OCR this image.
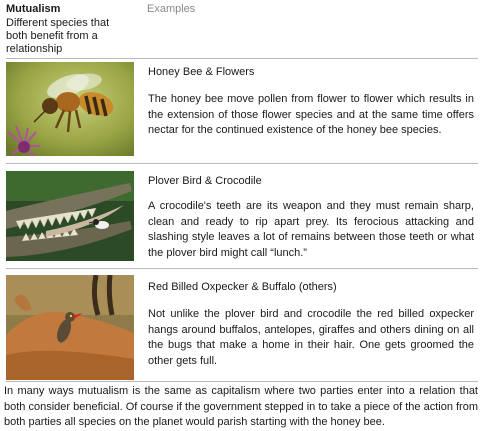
Mutualism
Different species that both benefit from a relationship
Examples
Honey Bee & Flowers
The honey bee move pollen from flower to flower which results in the extension of those flower species and at the same time offers nectar for the continued existence of the honey bee species.
Plover Bird & Crocodile
A crocodile's teeth are its weapon and they must remain sharp, clean and ready to rip apart prey. Its ferocious attacking and slashing style leaves a lot of remains between those teeth or what the plover bird might call “lunch.”
Red Billed Oxpecker & Buffalo (others)
Not unlike the plover bird and crocodile the red billed oxpecker hangs around buffalos, antelopes, giraffes and others dining on all the bugs that make a home in their hair. One gets groomed the other gets full.
In many ways mutualism is the same as capitalism where two parties enter into a relation that both consider beneficial. Of course if the government stepped in to take a piece of the action from both parties all species on the planet would parish starting with the honey bee.
